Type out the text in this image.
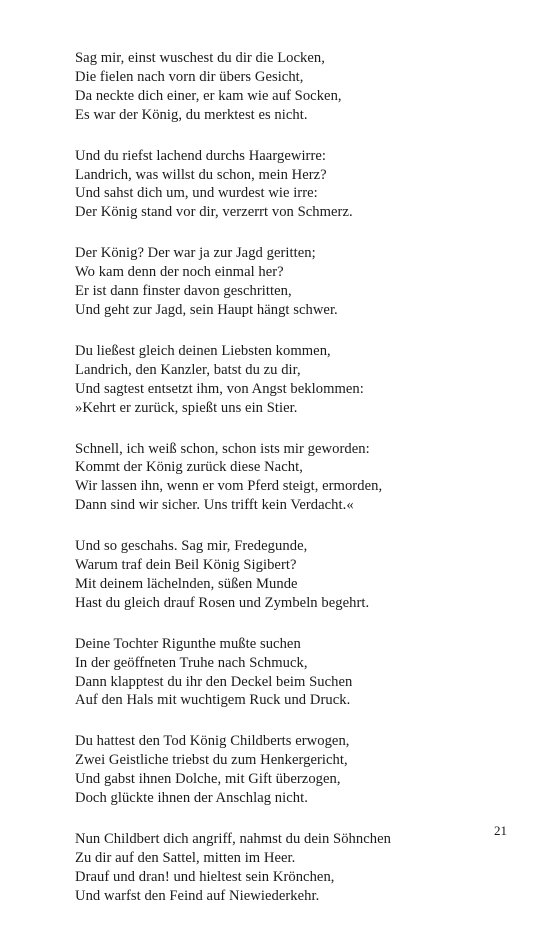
Sag mir, einst wuschest du dir die Locken,
Die fielen nach vorn dir übers Gesicht,
Da neckte dich einer, er kam wie auf Socken,
Es war der König, du merktest es nicht.
Und du riefst lachend durchs Haargewirre:
Landrich, was willst du schon, mein Herz?
Und sahst dich um, und wurdest wie irre:
Der König stand vor dir, verzerrt von Schmerz.
Der König? Der war ja zur Jagd geritten;
Wo kam denn der noch einmal her?
Er ist dann finster davon geschritten,
Und geht zur Jagd, sein Haupt hängt schwer.
Du ließest gleich deinen Liebsten kommen,
Landrich, den Kanzler, batst du zu dir,
Und sagtest entsetzt ihm, von Angst beklommen:
»Kehrt er zurück, spießt uns ein Stier.
Schnell, ich weiß schon, schon ists mir geworden:
Kommt der König zurück diese Nacht,
Wir lassen ihn, wenn er vom Pferd steigt, ermorden,
Dann sind wir sicher. Uns trifft kein Verdacht.«
Und so geschahs. Sag mir, Fredegunde,
Warum traf dein Beil König Sigibert?
Mit deinem lächelnden, süßen Munde
Hast du gleich drauf Rosen und Zymbeln begehrt.
Deine Tochter Rigunthe mußte suchen
In der geöffneten Truhe nach Schmuck,
Dann klapptest du ihr den Deckel beim Suchen
Auf den Hals mit wuchtigem Ruck und Druck.
Du hattest den Tod König Childberts erwogen,
Zwei Geistliche triebst du zum Henkergericht,
Und gabst ihnen Dolche, mit Gift überzogen,
Doch glückte ihnen der Anschlag nicht.
Nun Childbert dich angriff, nahmst du dein Söhnchen
Zu dir auf den Sattel, mitten im Heer.
Drauf und dran! und hieltest sein Krönchen,
Und warfst den Feind auf Niewiederkehr.
21
